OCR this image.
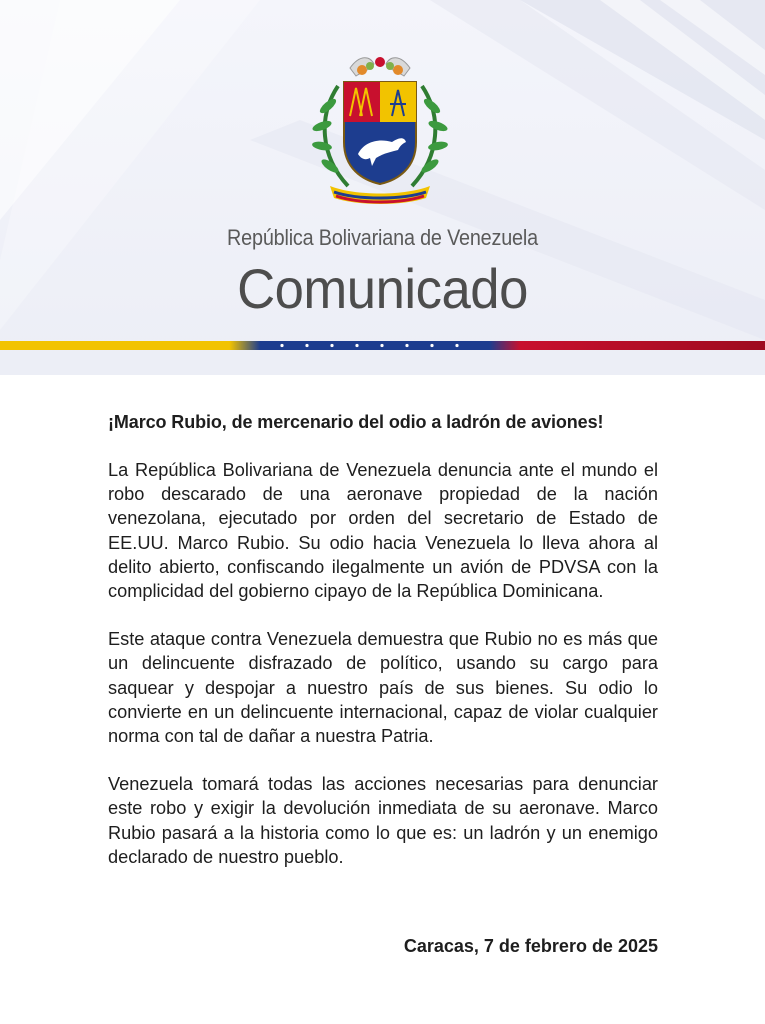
República Bolivariana de Venezuela
Comunicado
¡Marco Rubio, de mercenario del odio a ladrón de aviones!

La República Bolivariana de Venezuela denuncia ante el mundo el robo descarado de una aeronave propiedad de la nación venezolana, ejecutado por orden del secretario de Estado de EE.UU. Marco Rubio. Su odio hacia Venezuela lo lleva ahora al delito abierto, confiscando ilegalmente un avión de PDVSA con la complicidad del gobierno cipayo de la República Dominicana.

Este ataque contra Venezuela demuestra que Rubio no es más que un delincuente disfrazado de político, usando su cargo para saquear y despojar a nuestro país de sus bienes. Su odio lo convierte en un delincuente internacional, capaz de violar cualquier norma con tal de dañar a nuestra Patria.

Venezuela tomará todas las acciones necesarias para denunciar este robo y exigir la devolución inmediata de su aeronave. Marco Rubio pasará a la historia como lo que es: un ladrón y un enemigo declarado de nuestro pueblo.

Caracas, 7 de febrero de 2025
